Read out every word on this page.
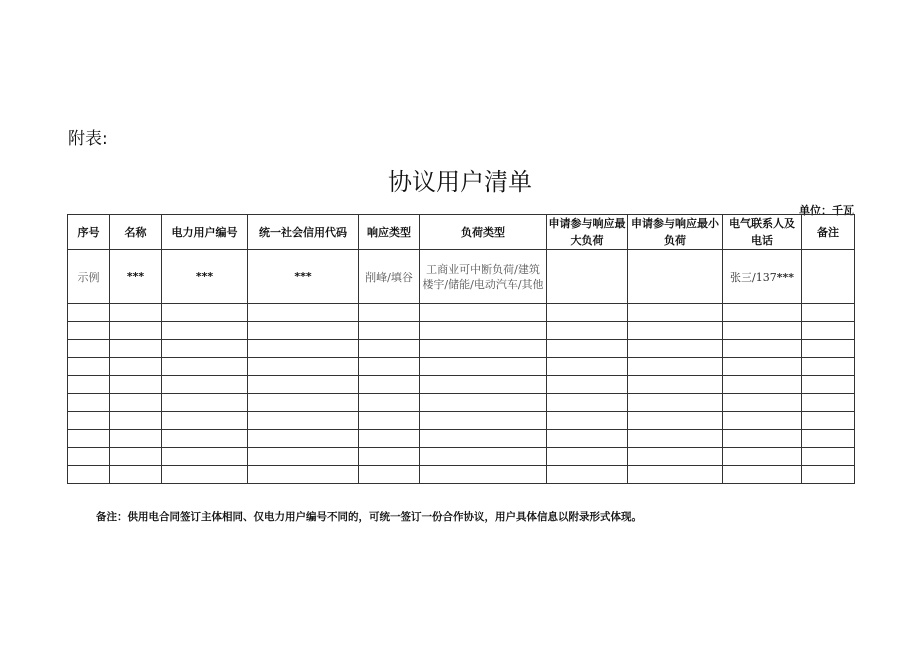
附表:
协议用户清单
单位：千瓦
序号	名称	电力用户编号	统一社会信用代码	响应类型	负荷类型	申请参与响应最大负荷	申请参与响应最小负荷	电气联系人及电话	备注
示例	***	***	***	削峰/填谷	工商业可中断负荷/建筑楼宇/储能/电动汽车/其他			张三/137***	

备注：供用电合同签订主体相同、仅电力用户编号不同的，可统一签订一份合作协议，用户具体信息以附录形式体现。
